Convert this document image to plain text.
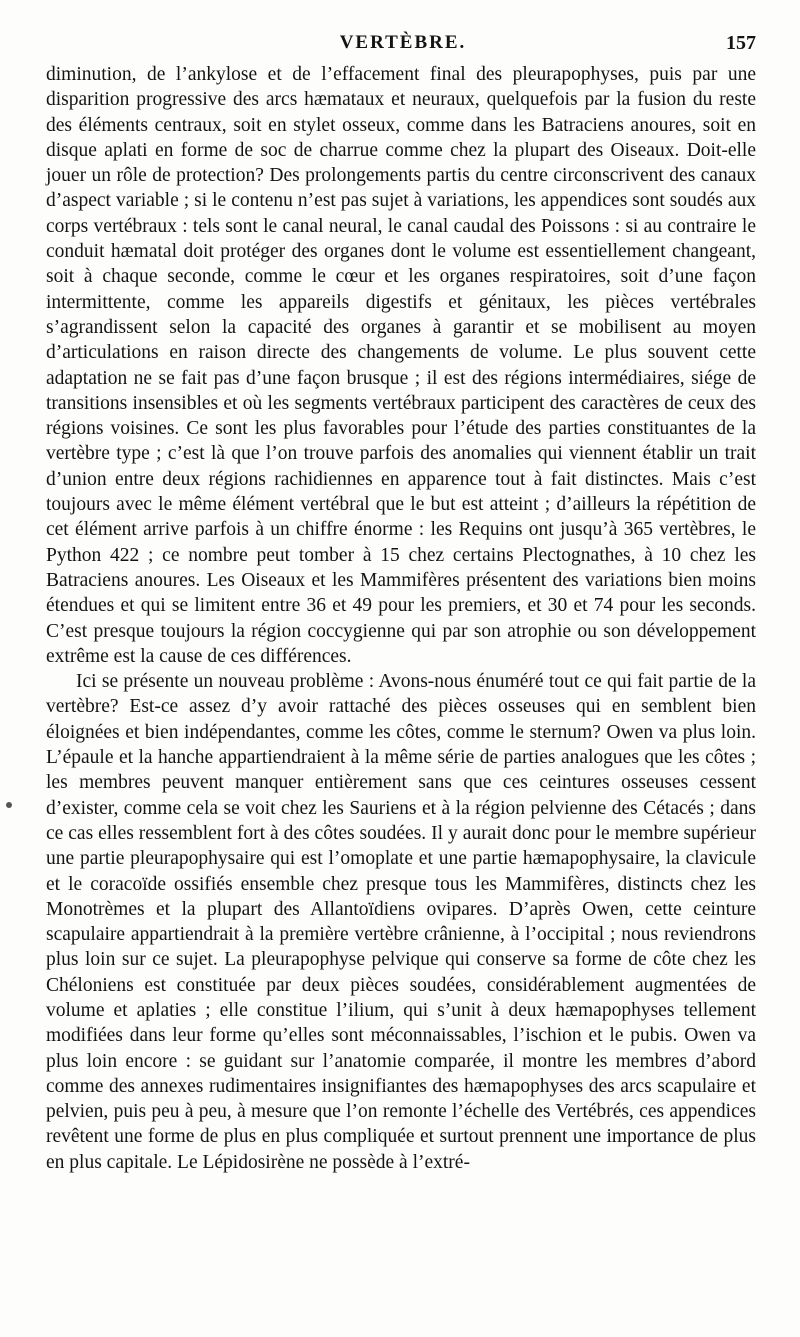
VERTÈBRE.	157

diminution, de l’ankylose et de l’effacement final des pleurapophyses, puis par une disparition progressive des arcs hæmataux et neuraux, quelquefois par la fusion du reste des éléments centraux, soit en stylet osseux, comme dans les Batraciens anoures, soit en disque aplati en forme de soc de charrue comme chez la plupart des Oiseaux. Doit-elle jouer un rôle de protection? Des prolongements partis du centre circonscrivent des canaux d’aspect variable ; si le contenu n’est pas sujet à variations, les appendices sont soudés aux corps vertébraux : tels sont le canal neural, le canal caudal des Poissons : si au contraire le conduit hæmatal doit protéger des organes dont le volume est essentiellement changeant, soit à chaque seconde, comme le cœur et les organes respiratoires, soit d’une façon intermittente, comme les appareils digestifs et génitaux, les pièces vertébrales s’agrandissent selon la capacité des organes à garantir et se mobilisent au moyen d’articulations en raison directe des changements de volume. Le plus souvent cette adaptation ne se fait pas d’une façon brusque ; il est des régions intermédiaires, siége de transitions insensibles et où les segments vertébraux participent des caractères de ceux des régions voisines. Ce sont les plus favorables pour l’étude des parties constituantes de la vertèbre type ; c’est là que l’on trouve parfois des anomalies qui viennent établir un trait d’union entre deux régions rachidiennes en apparence tout à fait distinctes. Mais c’est toujours avec le même élément vertébral que le but est atteint ; d’ailleurs la répétition de cet élément arrive parfois à un chiffre énorme : les Requins ont jusqu’à 365 vertèbres, le Python 422 ; ce nombre peut tomber à 15 chez certains Plectognathes, à 10 chez les Batraciens anoures. Les Oiseaux et les Mammifères présentent des variations bien moins étendues et qui se limitent entre 36 et 49 pour les premiers, et 30 et 74 pour les seconds. C’est presque toujours la région coccygienne qui par son atrophie ou son développement extrême est la cause de ces différences.

Ici se présente un nouveau problème : Avons-nous énuméré tout ce qui fait partie de la vertèbre? Est-ce assez d’y avoir rattaché des pièces osseuses qui en semblent bien éloignées et bien indépendantes, comme les côtes, comme le sternum? Owen va plus loin. L’épaule et la hanche appartiendraient à la même série de parties analogues que les côtes ; les membres peuvent manquer entièrement sans que ces ceintures osseuses cessent d’exister, comme cela se voit chez les Sauriens et à la région pelvienne des Cétacés ; dans ce cas elles ressemblent fort à des côtes soudées. Il y aurait donc pour le membre supérieur une partie pleurapophysaire qui est l’omoplate et une partie hæmapophysaire, la clavicule et le coracoïde ossifiés ensemble chez presque tous les Mammifères, distincts chez les Monotrèmes et la plupart des Allantoïdiens ovipares. D’après Owen, cette ceinture scapulaire appartiendrait à la première vertèbre crânienne, à l’occipital ; nous reviendrons plus loin sur ce sujet. La pleurapophyse pelvique qui conserve sa forme de côte chez les Chéloniens est constituée par deux pièces soudées, considérablement augmentées de volume et aplaties ; elle constitue l’ilium, qui s’unit à deux hæmapophyses tellement modifiées dans leur forme qu’elles sont méconnaissables, l’ischion et le pubis. Owen va plus loin encore : se guidant sur l’anatomie comparée, il montre les membres d’abord comme des annexes rudimentaires insignifiantes des hæmapophyses des arcs scapulaire et pelvien, puis peu à peu, à mesure que l’on remonte l’échelle des Vertébrés, ces appendices revêtent une forme de plus en plus compliquée et surtout prennent une importance de plus en plus capitale. Le Lépidosirène ne possède à l’extré-
